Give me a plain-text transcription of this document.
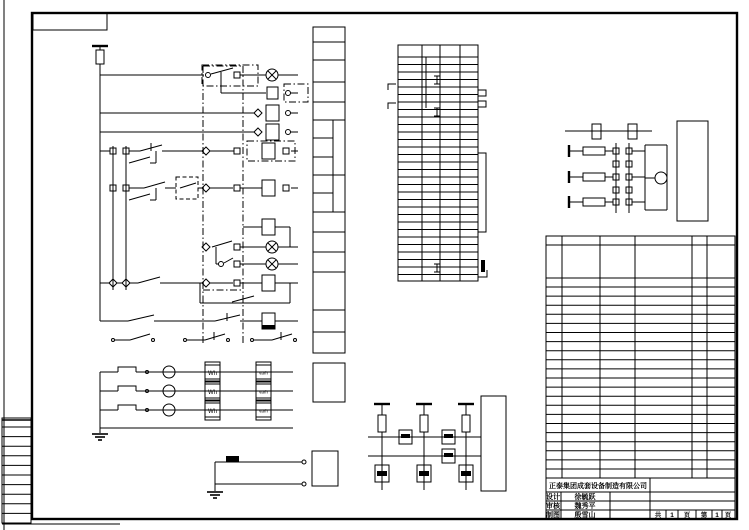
正泰集团成套设备制造有限公司
设计 徐毓跃
审核 魏秀平
制图 殷雪山	共 1 页 第 1 页
Wh	varh
Wh	varh
Wh	varh
